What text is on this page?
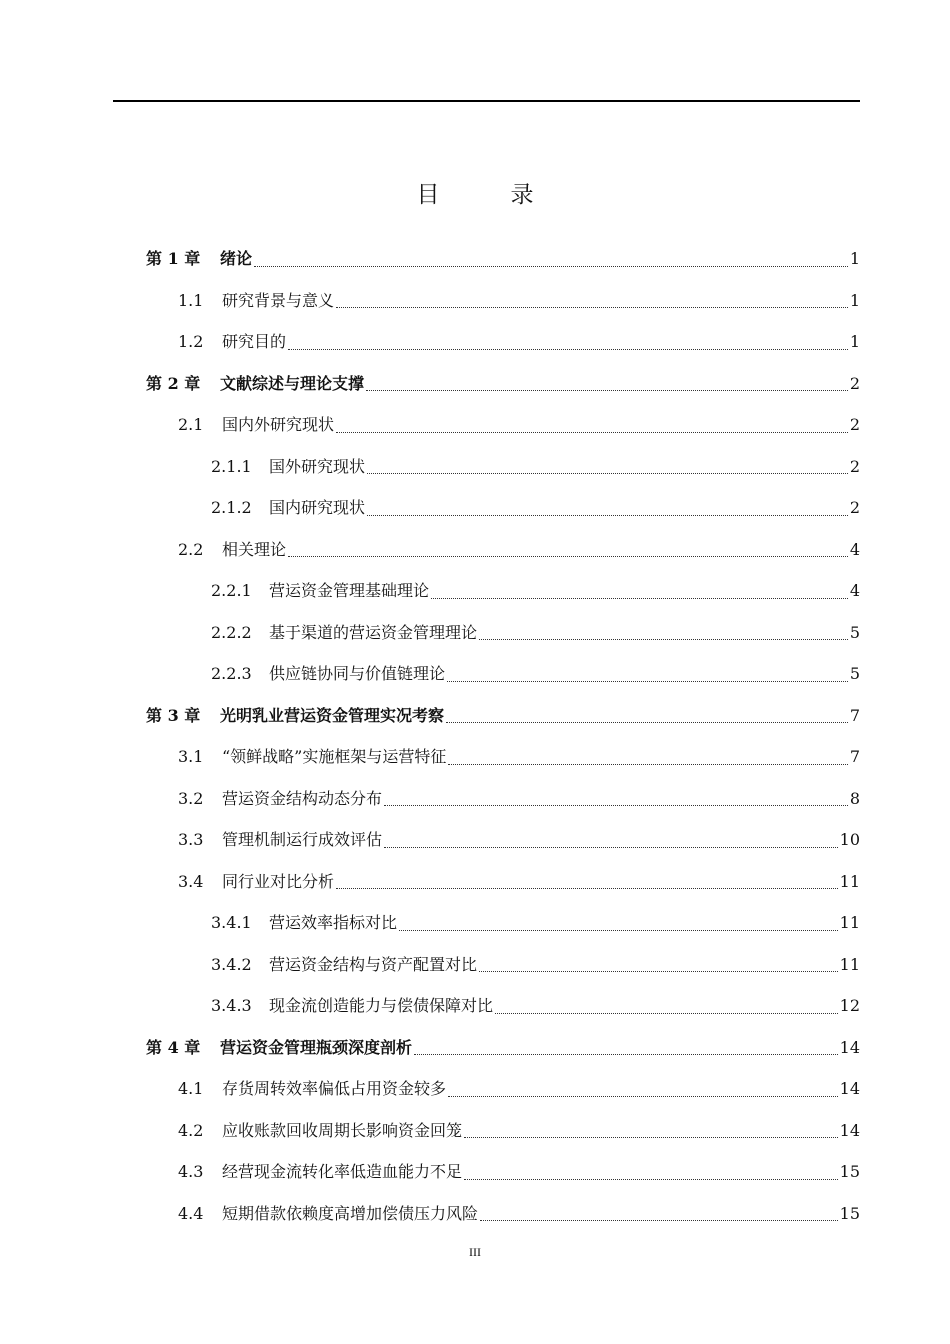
目　录
第 1 章	绪论	1
1.1	研究背景与意义	1
1.2	研究目的	1
第 2 章	文献综述与理论支撑	2
2.1	国内外研究现状	2
2.1.1	国外研究现状	2
2.1.2	国内研究现状	2
2.2	相关理论	4
2.2.1	营运资金管理基础理论	4
2.2.2	基于渠道的营运资金管理理论	5
2.2.3	供应链协同与价值链理论	5
第 3 章	光明乳业营运资金管理实况考察	7
3.1	“领鲜战略”实施框架与运营特征	7
3.2	营运资金结构动态分布	8
3.3	管理机制运行成效评估	10
3.4	同行业对比分析	11
3.4.1	营运效率指标对比	11
3.4.2	营运资金结构与资产配置对比	11
3.4.3	现金流创造能力与偿债保障对比	12
第 4 章	营运资金管理瓶颈深度剖析	14
4.1	存货周转效率偏低占用资金较多	14
4.2	应收账款回收周期长影响资金回笼	14
4.3	经营现金流转化率低造血能力不足	15
4.4	短期借款依赖度高增加偿债压力风险	15
III
